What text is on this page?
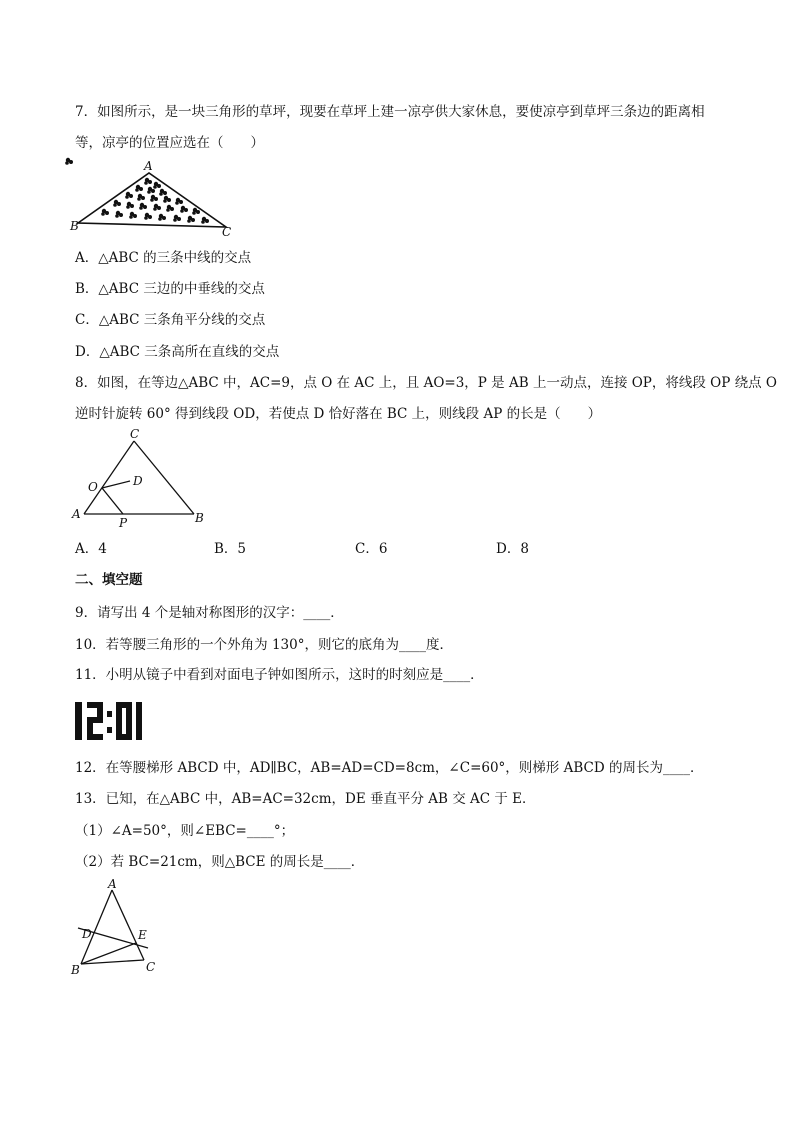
7．如图所示，是一块三角形的草坪，现要在草坪上建一凉亭供大家休息，要使凉亭到草坪三条边的距离相
等，凉亭的位置应选在（　　）
A
B	C
A．△ABC 的三条中线的交点
B．△ABC 三边的中垂线的交点
C．△ABC 三条角平分线的交点
D．△ABC 三条高所在直线的交点
8．如图，在等边△ABC 中，AC=9，点 O 在 AC 上，且 AO=3，P 是 AB 上一动点，连接 OP，将线段 OP 绕点 O
逆时针旋转 60° 得到线段 OD，若使点 D 恰好落在 BC 上，则线段 AP 的长是（　　）
C
O	D
A
P	B
A．4	B．5	C．6	D．8
二、填空题
9．请写出 4 个是轴对称图形的汉字：____．
10．若等腰三角形的一个外角为 130°，则它的底角为____度．
11．小明从镜子中看到对面电子钟如图所示，这时的时刻应是____．
12．在等腰梯形 ABCD 中，AD∥BC，AB=AD=CD=8cm，∠C=60°，则梯形 ABCD 的周长为____．
13．已知，在△ABC 中，AB=AC=32cm，DE 垂直平分 AB 交 AC 于 E．
（1）∠A=50°，则∠EBC=____°；
（2）若 BC=21cm，则△BCE 的周长是____．
A
D	E
B	C
